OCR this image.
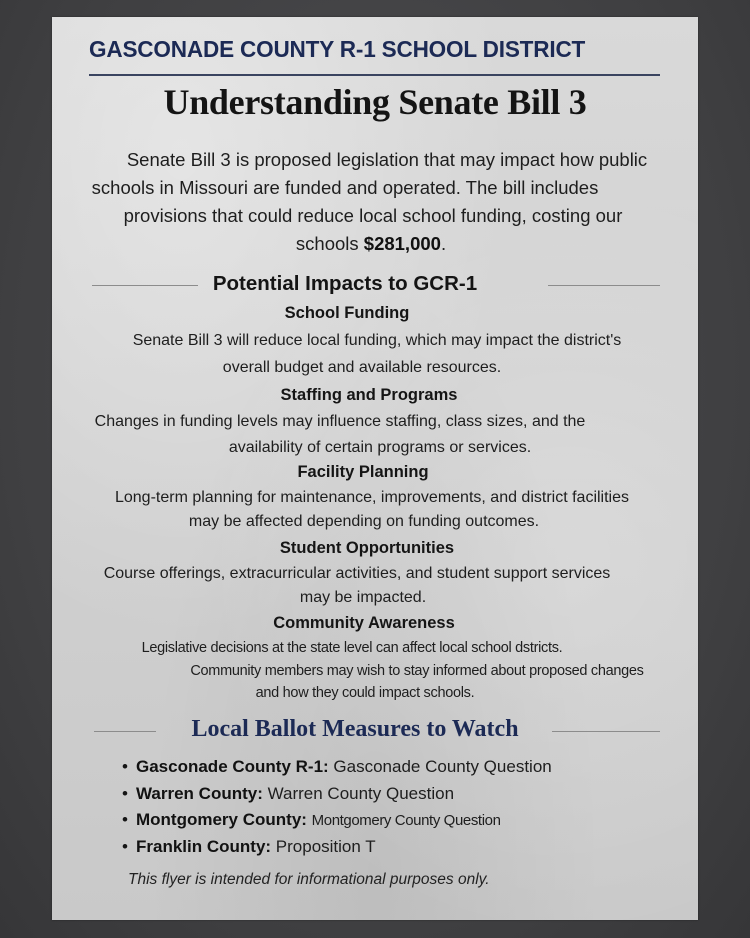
GASCONADE COUNTY R-1 SCHOOL DISTRICT
Understanding Senate Bill 3
Senate Bill 3 is proposed legislation that may impact how public
schools in Missouri are funded and operated. The bill includes
provisions that could reduce local school funding, costing our
schools $281,000.
Potential Impacts to GCR-1
School Funding
Senate Bill 3 will reduce local funding, which may impact the district's
overall budget and available resources.
Staffing and Programs
Changes in funding levels may influence staffing, class sizes, and the
availability of certain programs or services.
Facility Planning
Long-term planning for maintenance, improvements, and district facilities
may be affected depending on funding outcomes.
Student Opportunities
Course offerings, extracurricular activities, and student support services
may be impacted.
Community Awareness
Legislative decisions at the state level can affect local school dstricts.
Community members may wish to stay informed about proposed changes
and how they could impact schools.
Local Ballot Measures to Watch
• Gasconade County R-1: Gasconade County Question
• Warren County: Warren County Question
• Montgomery County: Montgomery County Question
• Franklin County: Proposition T
This flyer is intended for informational purposes only.
